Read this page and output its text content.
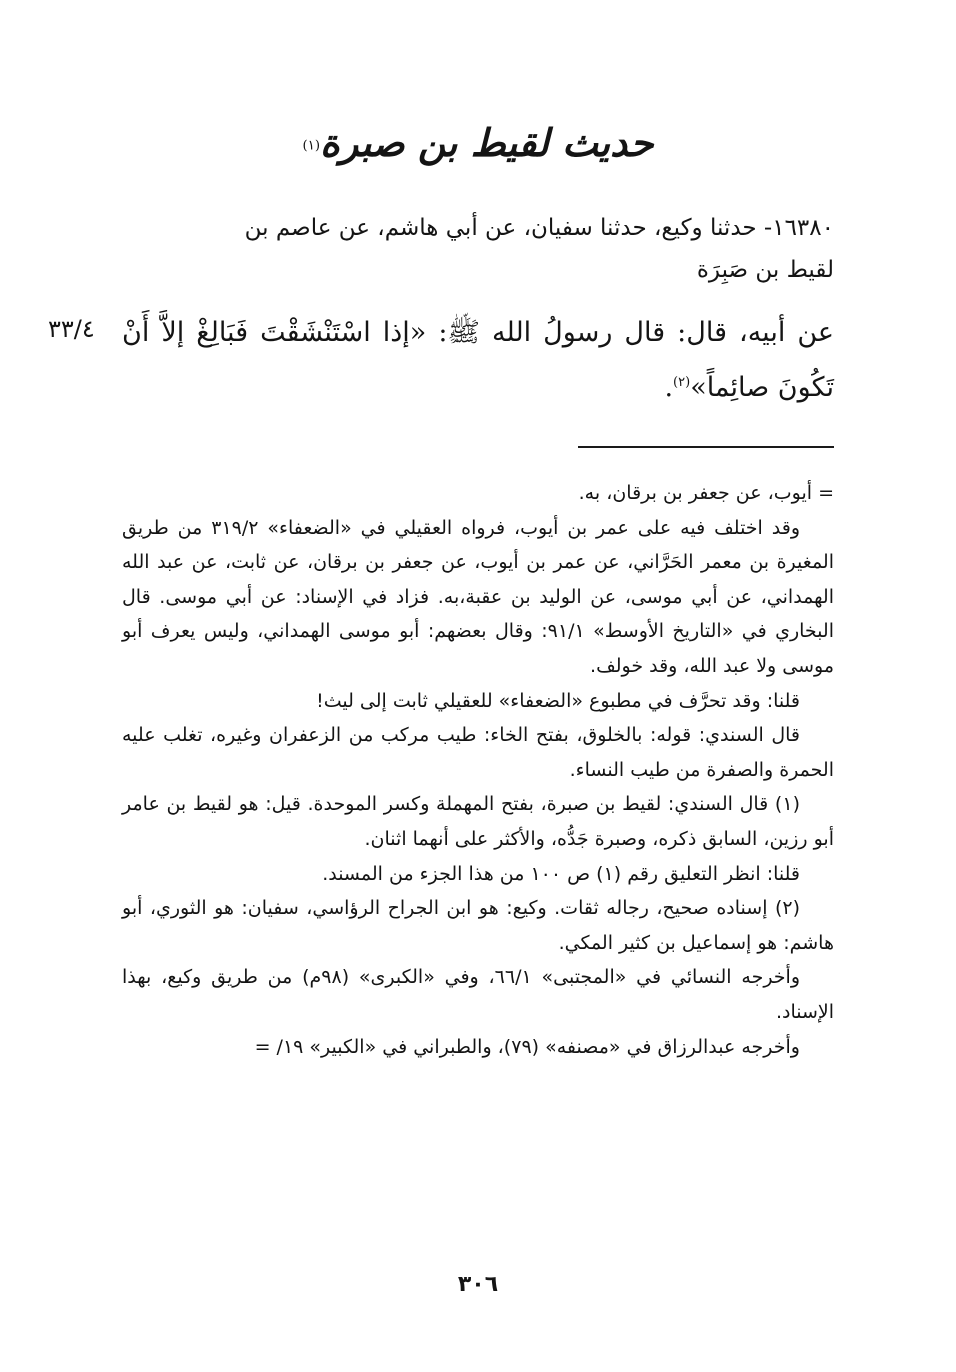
حديث لقيط بن صبرة$^{(١)}$
١٦٣٨٠- حدثنا وكيع، حدثنا سفيان، عن أبي هاشم، عن عاصم بن
لقيط بن صَبِرَة
٣٣/٤	عن أبيه، قال: قال رسولُ الله ﷺ: «إذا اسْتَنْشَقْتَ فَبَالِغْ إلاَّ أَنْ تَكُونَ صائِماً»$^{(٢)}$.

= أيوب، عن جعفر بن برقان، به.

وقد اختلف فيه على عمر بن أيوب، فرواه العقيلي في «الضعفاء» ٣١٩/٢ من طريق المغيرة بن معمر الحَرَّاني، عن عمر بن أيوب، عن جعفر بن برقان، عن ثابت، عن عبد الله الهمداني، عن أبي موسى، عن الوليد بن عقبة،به. فزاد في الإسناد: عن أبي موسى. قال البخاري في «التاريخ الأوسط» ٩١/١: وقال بعضهم: أبو موسى الهمداني، وليس يعرف أبو موسى ولا عبد الله، وقد خولف.

قلنا: وقد تحرَّف في مطبوع «الضعفاء» للعقيلي ثابت إلى ليث!

قال السندي: قوله: بالخلوق، بفتح الخاء: طيب مركب من الزعفران وغيره، تغلب عليه الحمرة والصفرة من طيب النساء.

(١) قال السندي: لقيط بن صبرة، بفتح المهملة وكسر الموحدة. قيل: هو لقيط بن عامر أبو رزين، السابق ذكره، وصبرة جَدُّه، والأكثر على أنهما اثنان.

قلنا: انظر التعليق رقم (١) ص ١٠٠ من هذا الجزء من المسند.

(٢) إسناده صحيح، رجاله ثقات. وكيع: هو ابن الجراح الرؤاسي، سفيان: هو الثوري، أبو هاشم: هو إسماعيل بن كثير المكي.

وأخرجه النسائي في «المجتبى» ٦٦/١، وفي «الكبرى» (٩٨م) من طريق وكيع، بهذا الإسناد.

وأخرجه عبدالرزاق في «مصنفه» (٧٩)، والطبراني في «الكبير» ١٩/ =

٣٠٦
